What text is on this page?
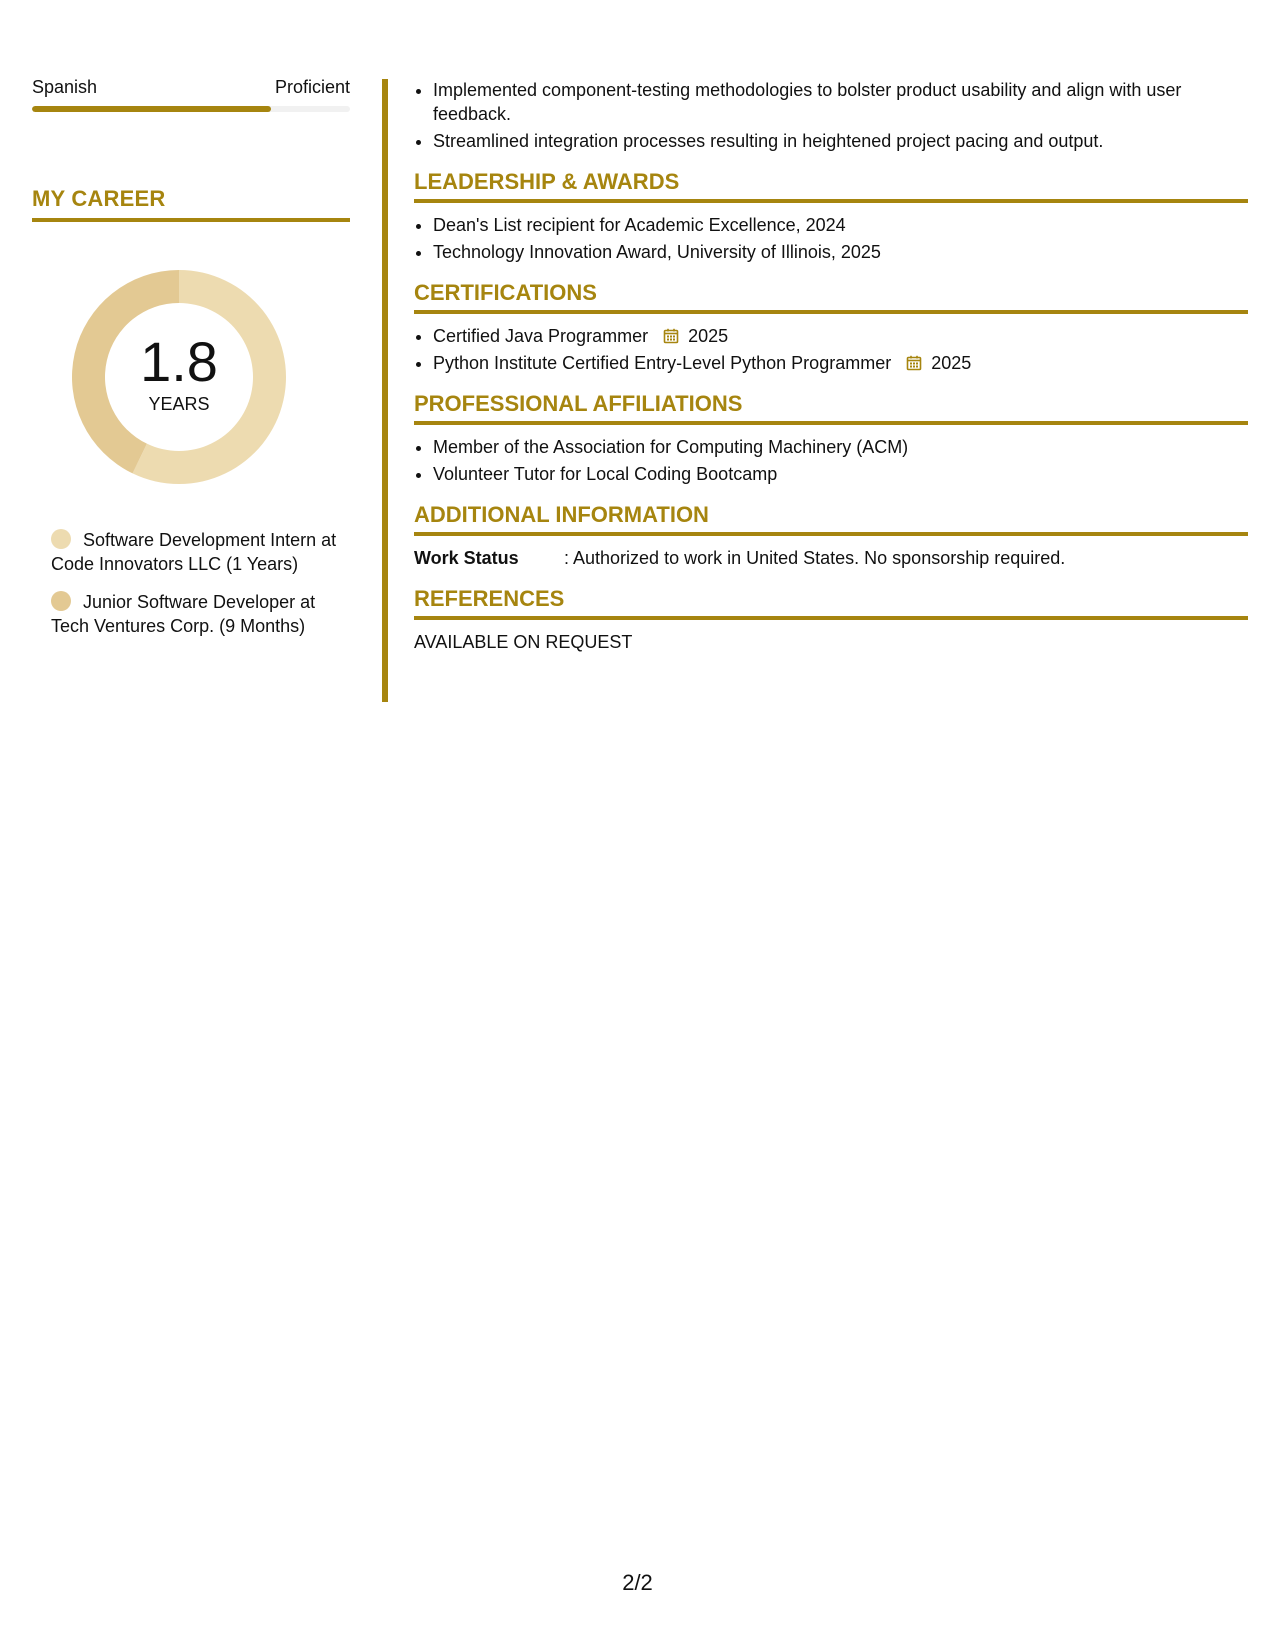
Spanish	Proficient
MY CAREER
1.8
YEARS
Software Development Intern at Code Innovators LLC (1 Years)
Junior Software Developer at Tech Ventures Corp. (9 Months)
• Implemented component-testing methodologies to bolster product usability and align with user feedback.
• Streamlined integration processes resulting in heightened project pacing and output.
LEADERSHIP & AWARDS
• Dean's List recipient for Academic Excellence, 2024
• Technology Innovation Award, University of Illinois, 2025
CERTIFICATIONS
• Certified Java Programmer 2025
• Python Institute Certified Entry-Level Python Programmer 2025
PROFESSIONAL AFFILIATIONS
• Member of the Association for Computing Machinery (ACM)
• Volunteer Tutor for Local Coding Bootcamp
ADDITIONAL INFORMATION
Work Status	: Authorized to work in United States. No sponsorship required.
REFERENCES
AVAILABLE ON REQUEST
2/2
